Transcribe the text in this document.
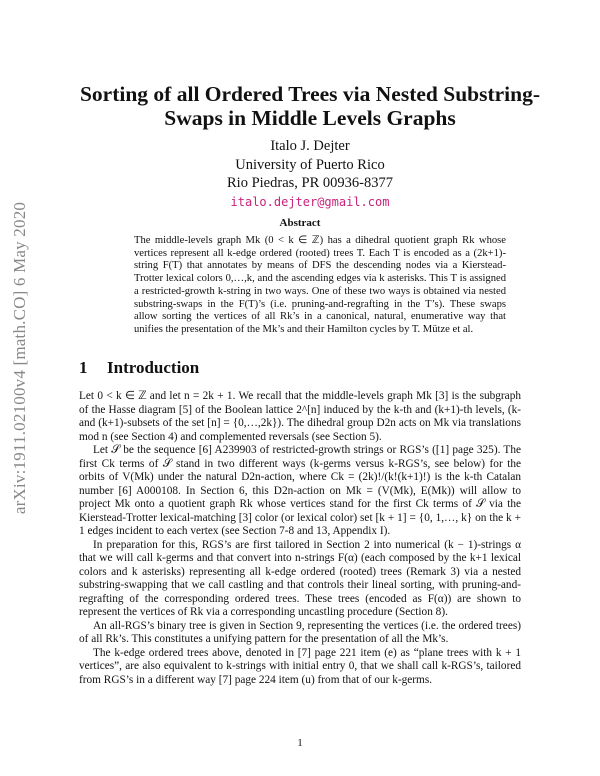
arXiv:1911.02100v4 [math.CO] 6 May 2020
Sorting of all Ordered Trees via Nested Substring-Swaps in Middle Levels Graphs
Italo J. Dejter
University of Puerto Rico
Rio Piedras, PR 00936-8377
italo.dejter@gmail.com
Abstract
The middle-levels graph Mk (0 < k ∈ ℤ) has a dihedral quotient graph Rk whose vertices represent all k-edge ordered (rooted) trees T. Each T is encoded as a (2k+1)-string F(T) that annotates by means of DFS the descending nodes via a Kierstead-Trotter lexical colors 0,…,k, and the ascending edges via k asterisks. This T is assigned a restricted-growth k-string in two ways. One of these two ways is obtained via nested substring-swaps in the F(T)’s (i.e. pruning-and-regrafting in the T’s). These swaps allow sorting the vertices of all Rk’s in a canonical, natural, enumerative way that unifies the presentation of the Mk’s and their Hamilton cycles by T. Mütze et al.
1 Introduction

Let 0 < k ∈ ℤ and let n = 2k + 1. We recall that the middle-levels graph Mk [3] is the subgraph of the Hasse diagram [5] of the Boolean lattice 2^[n] induced by the k-th and (k+1)-th levels, (k- and (k+1)-subsets of the set [n] = {0,…,2k}). The dihedral group D2n acts on Mk via translations mod n (see Section 4) and complemented reversals (see Section 5).

Let 𝒮 be the sequence [6] A239903 of restricted-growth strings or RGS’s ([1] page 325). The first Ck terms of 𝒮 stand in two different ways (k-germs versus k-RGS’s, see below) for the orbits of V(Mk) under the natural D2n-action, where Ck = (2k)!/(k!(k+1)!) is the k-th Catalan number [6] A000108. In Section 6, this D2n-action on Mk = (V(Mk), E(Mk)) will allow to project Mk onto a quotient graph Rk whose vertices stand for the first Ck terms of 𝒮 via the Kierstead-Trotter lexical-matching [3] color (or lexical color) set [k + 1] = {0, 1,…, k} on the k + 1 edges incident to each vertex (see Section 7-8 and 13, Appendix I).

In preparation for this, RGS’s are first tailored in Section 2 into numerical (k − 1)-strings α that we will call k-germs and that convert into n-strings F(α) (each composed by the k+1 lexical colors and k asterisks) representing all k-edge ordered (rooted) trees (Remark 3) via a nested substring-swapping that we call castling and that controls their lineal sorting, with pruning-and-regrafting of the corresponding ordered trees. These trees (encoded as F(α)) are shown to represent the vertices of Rk via a corresponding uncastling procedure (Section 8).

An all-RGS’s binary tree is given in Section 9, representing the vertices (i.e. the ordered trees) of all Rk’s. This constitutes a unifying pattern for the presentation of all the Mk’s.

The k-edge ordered trees above, denoted in [7] page 221 item (e) as “plane trees with k + 1 vertices”, are also equivalent to k-strings with initial entry 0, that we shall call k-RGS’s, tailored from RGS’s in a different way [7] page 224 item (u) from that of our k-germs.

1
